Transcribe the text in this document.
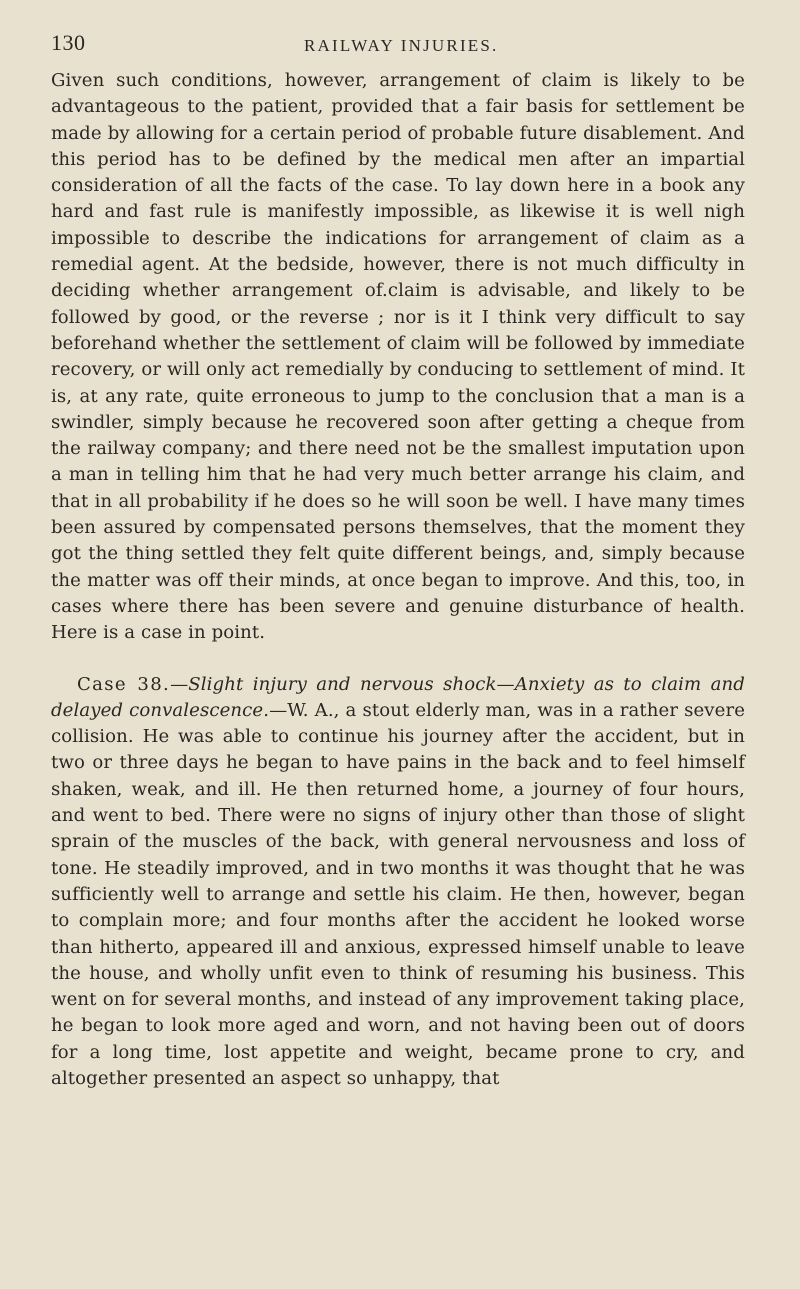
130	RAILWAY INJURIES.

Given such conditions, however, arrangement of claim is likely to be advantageous to the patient, provided that a fair basis for settlement be made by allowing for a certain period of probable future disablement. And this period has to be defined by the medical men after an impartial consideration of all the facts of the case. To lay down here in a book any hard and fast rule is manifestly impossible, as likewise it is well nigh impossible to describe the indications for arrangement of claim as a remedial agent. At the bedside, however, there is not much difficulty in deciding whether arrangement of.claim is advisable, and likely to be followed by good, or the reverse ; nor is it I think very difficult to say beforehand whether the settlement of claim will be followed by immediate recovery, or will only act remedially by conducing to settlement of mind. It is, at any rate, quite erroneous to jump to the conclusion that a man is a swindler, simply because he recovered soon after getting a cheque from the railway company; and there need not be the smallest imputation upon a man in telling him that he had very much better arrange his claim, and that in all probability if he does so he will soon be well. I have many times been assured by compensated persons themselves, that the moment they got the thing settled they felt quite different beings, and, simply because the matter was off their minds, at once began to improve. And this, too, in cases where there has been severe and genuine disturbance of health. Here is a case in point.

Case 38.—Slight injury and nervous shock—Anxiety as to claim and delayed convalescence.—W. A., a stout elderly man, was in a rather severe collision. He was able to continue his journey after the accident, but in two or three days he began to have pains in the back and to feel himself shaken, weak, and ill. He then returned home, a journey of four hours, and went to bed. There were no signs of injury other than those of slight sprain of the muscles of the back, with general nervousness and loss of tone. He steadily improved, and in two months it was thought that he was sufficiently well to arrange and settle his claim. He then, however, began to complain more; and four months after the accident he looked worse than hitherto, appeared ill and anxious, expressed himself unable to leave the house, and wholly unfit even to think of resuming his business. This went on for several months, and instead of any improvement taking place, he began to look more aged and worn, and not having been out of doors for a long time, lost appetite and weight, became prone to cry, and altogether presented an aspect so unhappy, that
